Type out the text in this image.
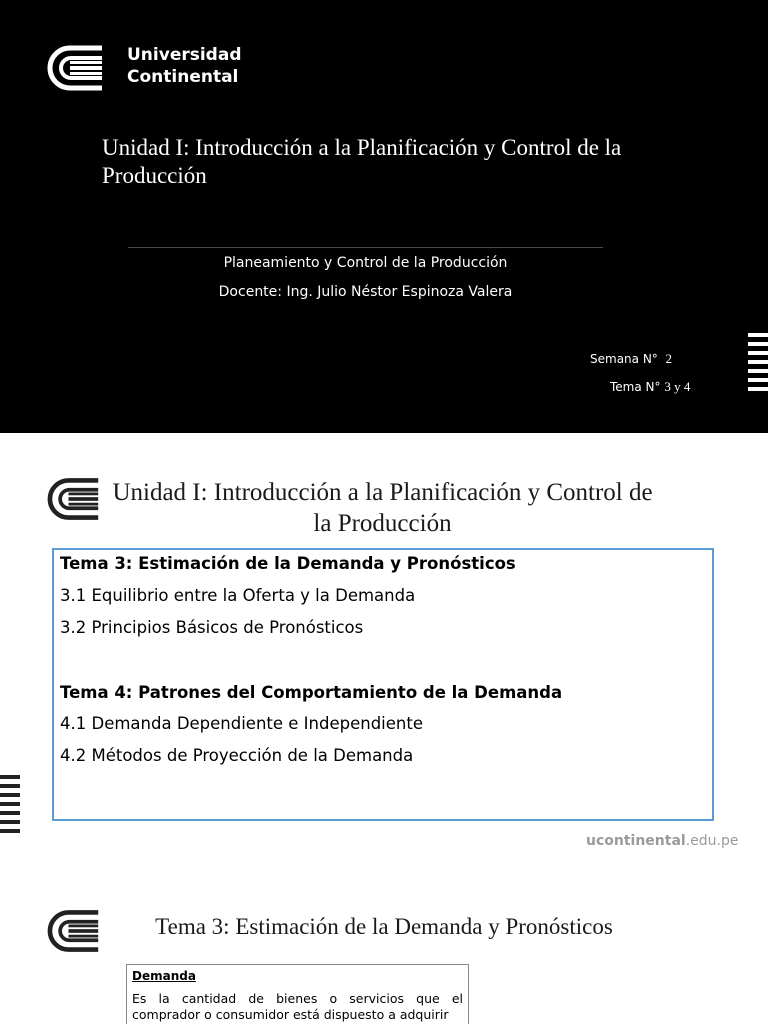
Universidad
Continental
Unidad I: Introducción a la Planificación y Control de la Producción
Planeamiento y Control de la Producción
Docente: Ing. Julio Néstor Espinoza Valera
Semana N° 2
Tema N° 3 y 4
Unidad I: Introducción a la Planificación y Control de la Producción
Tema 3: Estimación de la Demanda y Pronósticos
3.1 Equilibrio entre la Oferta y la Demanda
3.2 Principios Básicos de Pronósticos
Tema 4: Patrones del Comportamiento de la Demanda
4.1 Demanda Dependiente e Independiente
4.2 Métodos de Proyección de la Demanda
ucontinental.edu.pe
Tema 3: Estimación de la Demanda y Pronósticos
Demanda
Es la cantidad de bienes o servicios que el comprador o consumidor está dispuesto a adquirir
